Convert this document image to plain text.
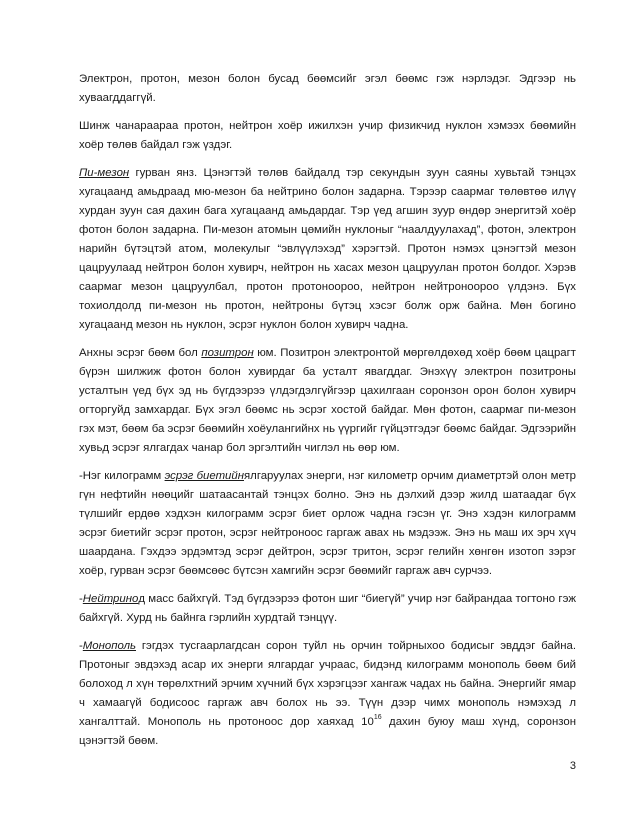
Электрон, протон, мезон болон бусад бөөмсийг эгэл бөөмс гэж нэрлэдэг. Эдгээр нь хуваагддаггүй.

Шинж чанараараа протон, нейтрон хоёр ижилхэн учир физикчид нуклон хэмээх бөөмийн хоёр төлөв байдал гэж үздэг.

Пи-мезон гурван янз. Цэнэгтэй төлөв байдалд тэр секундын зуун саяны хувьтай тэнцэх хугацаанд амьдраад мю-мезон ба нейтрино болон задарна. Тэрээр саармаг төлөвтөө илүү хурдан зуун сая дахин бага хугацаанд амьдардаг. Тэр үед агшин зуур өндөр энергитэй хоёр фотон болон задарна. Пи-мезон атомын цөмийн нуклоныг “наалдуулахад”, фотон, электрон нарийн бүтэцтэй атом, молекулыг “эвлүүлэхэд” хэрэгтэй. Протон нэмэх цэнэгтэй мезон цацруулаад нейтрон болон хувирч, нейтрон нь хасах мезон цацруулан протон болдог. Хэрэв саармаг мезон цацруулбал, протон протоноороо, нейтрон нейтроноороо үлдэнэ. Бүх тохиолдолд пи-мезон нь протон, нейтроны бүтэц хэсэг болж орж байна. Мөн богино хугацаанд мезон нь нуклон, эсрэг нуклон болон хувирч чадна.

Анхны эсрэг бөөм бол позитрон юм. Позитрон электронтой мөргөлдөхөд хоёр бөөм цацрагт бүрэн шилжиж фотон болон хувирдаг ба усталт явагддаг. Энэхүү электрон позитроны усталтын үед бүх эд нь бүгдээрээ үлдэгдэлгүйгээр цахилгаан соронзон орон болон хувирч огторгуйд замхардаг. Бүх эгэл бөөмс нь эсрэг хостой байдаг. Мөн фотон, саармаг пи-мезон гэх мэт, бөөм ба эсрэг бөөмийн хоёулангийнх нь үүргийг гүйцэтгэдэг бөөмс байдаг. Эдгээрийн хувьд эсрэг ялгагдах чанар бол эргэлтийн чиглэл нь өөр юм.

-Нэг килограмм эсрэг биетийнялгаруулах энерги, нэг километр орчим диаметртэй олон метр гүн нефтийн нөөцийг шатаасантай тэнцэх болно. Энэ нь дэлхий дээр жилд шатаадаг бүх түлшийг ердөө хэдхэн килограмм эсрэг биет орлож чадна гэсэн үг. Энэ хэдэн килограмм эсрэг биетийг эсрэг протон, эсрэг нейтроноос гаргаж авах нь мэдээж. Энэ нь маш их эрч хүч шаардана. Гэхдээ эрдэмтэд эсрэг дейтрон, эсрэг тритон, эсрэг гелийн хөнгөн изотоп зэрэг хоёр, гурван эсрэг бөөмсөөс бүтсэн хамгийн эсрэг бөөмийг гаргаж авч сурчээ.

-Нейтринод масс байхгүй. Тэд бүгдээрээ фотон шиг “биегүй” учир нэг байрандаа тогтоно гэж байхгүй. Хурд нь байнга гэрлийн хурдтай тэнцүү.

-Монополь гэгдэх тусгаарлагдсан сорон туйл нь орчин тойрныхоо бодисыг эвддэг байна. Протоныг эвдэхэд асар их энерги ялгардаг учраас, бидэнд килограмм монополь бөөм бий болоход л хүн төрөлхтний эрчим хүчний бүх хэрэгцээг хангаж чадах нь байна. Энергийг ямар ч хамаагүй бодисоос гаргаж авч болох нь ээ. Түүн дээр чимх монополь нэмэхэд л хангалттай. Монополь нь протоноос дор хаяхад $10^{16}$ дахин буюу маш хүнд, соронзон цэнэгтэй бөөм.

3
